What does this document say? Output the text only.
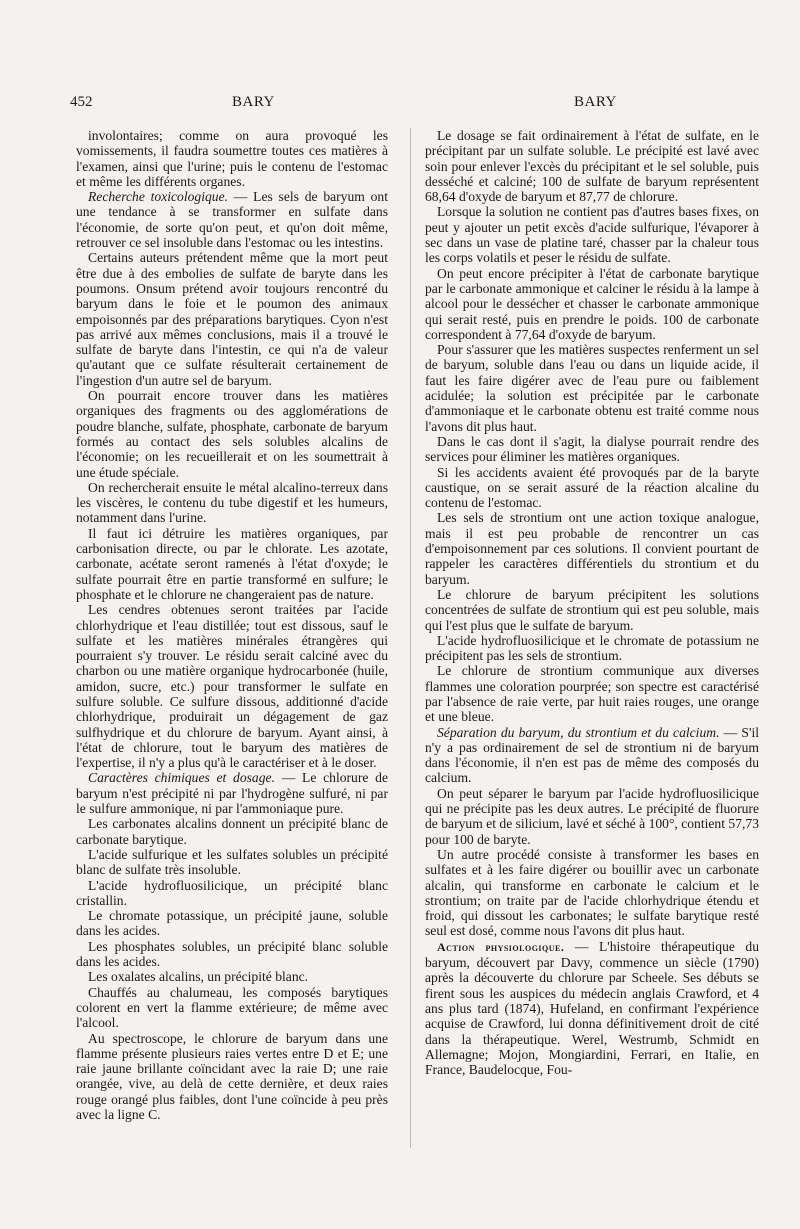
452	BARY	BARY

involontaires; comme on aura provoqué les vomissements, il faudra soumettre toutes ces matières à l'examen, ainsi que l'urine; puis le contenu de l'estomac et même les différents organes.

Recherche toxicologique. — Les sels de baryum ont une tendance à se transformer en sulfate dans l'économie, de sorte qu'on peut, et qu'on doit même, retrouver ce sel insoluble dans l'estomac ou les intestins.

Certains auteurs prétendent même que la mort peut être due à des embolies de sulfate de baryte dans les poumons. Onsum prétend avoir toujours rencontré du baryum dans le foie et le poumon des animaux empoisonnés par des préparations barytiques. Cyon n'est pas arrivé aux mêmes conclusions, mais il a trouvé le sulfate de baryte dans l'intestin, ce qui n'a de valeur qu'autant que ce sulfate résulterait certainement de l'ingestion d'un autre sel de baryum.

On pourrait encore trouver dans les matières organiques des fragments ou des agglomérations de poudre blanche, sulfate, phosphate, carbonate de baryum formés au contact des sels solubles alcalins de l'économie; on les recueillerait et on les soumettrait à une étude spéciale.

On rechercherait ensuite le métal alcalino-terreux dans les viscères, le contenu du tube digestif et les humeurs, notamment dans l'urine.

Il faut ici détruire les matières organiques, par carbonisation directe, ou par le chlorate. Les azotate, carbonate, acétate seront ramenés à l'état d'oxyde; le sulfate pourrait être en partie transformé en sulfure; le phosphate et le chlorure ne changeraient pas de nature.

Les cendres obtenues seront traitées par l'acide chlorhydrique et l'eau distillée; tout est dissous, sauf le sulfate et les matières minérales étrangères qui pourraient s'y trouver. Le résidu serait calciné avec du charbon ou une matière organique hydrocarbonée (huile, amidon, sucre, etc.) pour transformer le sulfate en sulfure soluble. Ce sulfure dissous, additionné d'acide chlorhydrique, produirait un dégagement de gaz sulfhydrique et du chlorure de baryum. Ayant ainsi, à l'état de chlorure, tout le baryum des matières de l'expertise, il n'y a plus qu'à le caractériser et à le doser.

Caractères chimiques et dosage. — Le chlorure de baryum n'est précipité ni par l'hydrogène sulfuré, ni par le sulfure ammonique, ni par l'ammoniaque pure.

Les carbonates alcalins donnent un précipité blanc de carbonate barytique.

L'acide sulfurique et les sulfates solubles un précipité blanc de sulfate très insoluble.

L'acide hydrofluosilicique, un précipité blanc cristallin.

Le chromate potassique, un précipité jaune, soluble dans les acides.

Les phosphates solubles, un précipité blanc soluble dans les acides.

Les oxalates alcalins, un précipité blanc.

Chauffés au chalumeau, les composés barytiques colorent en vert la flamme extérieure; de même avec l'alcool.

Au spectroscope, le chlorure de baryum dans une flamme présente plusieurs raies vertes entre D et E; une raie jaune brillante coïncidant avec la raie D; une raie orangée, vive, au delà de cette dernière, et deux raies rouge orangé plus faibles, dont l'une coïncide à peu près avec la ligne C.

Le dosage se fait ordinairement à l'état de sulfate, en le précipitant par un sulfate soluble. Le précipité est lavé avec soin pour enlever l'excès du précipitant et le sel soluble, puis desséché et calciné; 100 de sulfate de baryum représentent 68,64 d'oxyde de baryum et 87,77 de chlorure.

Lorsque la solution ne contient pas d'autres bases fixes, on peut y ajouter un petit excès d'acide sulfurique, l'évaporer à sec dans un vase de platine taré, chasser par la chaleur tous les corps volatils et peser le résidu de sulfate.

On peut encore précipiter à l'état de carbonate barytique par le carbonate ammonique et calciner le résidu à la lampe à alcool pour le dessécher et chasser le carbonate ammonique qui serait resté, puis en prendre le poids. 100 de carbonate correspondent à 77,64 d'oxyde de baryum.

Pour s'assurer que les matières suspectes renferment un sel de baryum, soluble dans l'eau ou dans un liquide acide, il faut les faire digérer avec de l'eau pure ou faiblement acidulée; la solution est précipitée par le carbonate d'ammoniaque et le carbonate obtenu est traité comme nous l'avons dit plus haut.

Dans le cas dont il s'agit, la dialyse pourrait rendre des services pour éliminer les matières organiques.

Si les accidents avaient été provoqués par de la baryte caustique, on se serait assuré de la réaction alcaline du contenu de l'estomac.

Les sels de strontium ont une action toxique analogue, mais il est peu probable de rencontrer un cas d'empoisonnement par ces solutions. Il convient pourtant de rappeler les caractères différentiels du strontium et du baryum.

Le chlorure de baryum précipitent les solutions concentrées de sulfate de strontium qui est peu soluble, mais qui l'est plus que le sulfate de baryum.

L'acide hydrofluosilicique et le chromate de potassium ne précipitent pas les sels de strontium.

Le chlorure de strontium communique aux diverses flammes une coloration pourprée; son spectre est caractérisé par l'absence de raie verte, par huit raies rouges, une orange et une bleue.

Séparation du baryum, du strontium et du calcium. — S'il n'y a pas ordinairement de sel de strontium ni de baryum dans l'économie, il n'en est pas de même des composés du calcium.

On peut séparer le baryum par l'acide hydrofluosilicique qui ne précipite pas les deux autres. Le précipité de fluorure de baryum et de silicium, lavé et séché à 100°, contient 57,73 pour 100 de baryte.

Un autre procédé consiste à transformer les bases en sulfates et à les faire digérer ou bouillir avec un carbonate alcalin, qui transforme en carbonate le calcium et le strontium; on traite par de l'acide chlorhydrique étendu et froid, qui dissout les carbonates; le sulfate barytique resté seul est dosé, comme nous l'avons dit plus haut.

Action physiologique. — L'histoire thérapeutique du baryum, découvert par Davy, commence un siècle (1790) après la découverte du chlorure par Scheele. Ses débuts se firent sous les auspices du médecin anglais Crawford, et 4 ans plus tard (1874), Hufeland, en confirmant l'expérience acquise de Crawford, lui donna définitivement droit de cité dans la thérapeutique. Werel, Westrumb, Schmidt en Allemagne; Mojon, Mongiardini, Ferrari, en Italie, en France, Baudelocque, Fou-
